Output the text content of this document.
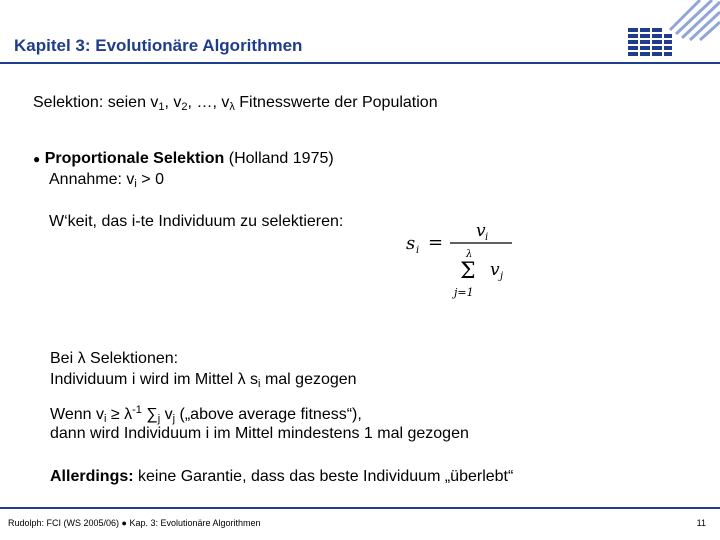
Kapitel 3: Evolutionäre Algorithmen
Selektion: seien $v_1$, $v_2$, …, $v_\lambda$ Fitnesswerte der Population
● Proportionale Selektion (Holland 1975)
Annahme: $v_i > 0$
W‘keit, das i-te Individuum zu selektieren:
s i =
v i
λ
Σ
j=1
v j
Bei λ Selektionen:
Individuum i wird im Mittel λ $s_i$ mal gezogen
Wenn $v_i \ge \lambda^{-1}$ $\sum_j$ $v_j$ („above average fitness“),
dann wird Individuum i im Mittel mindestens 1 mal gezogen
Allerdings: keine Garantie, dass das beste Individuum „überlebt“
Rudolph: FCI (WS 2005/06) ● Kap. 3: Evolutionäre Algorithmen	11
